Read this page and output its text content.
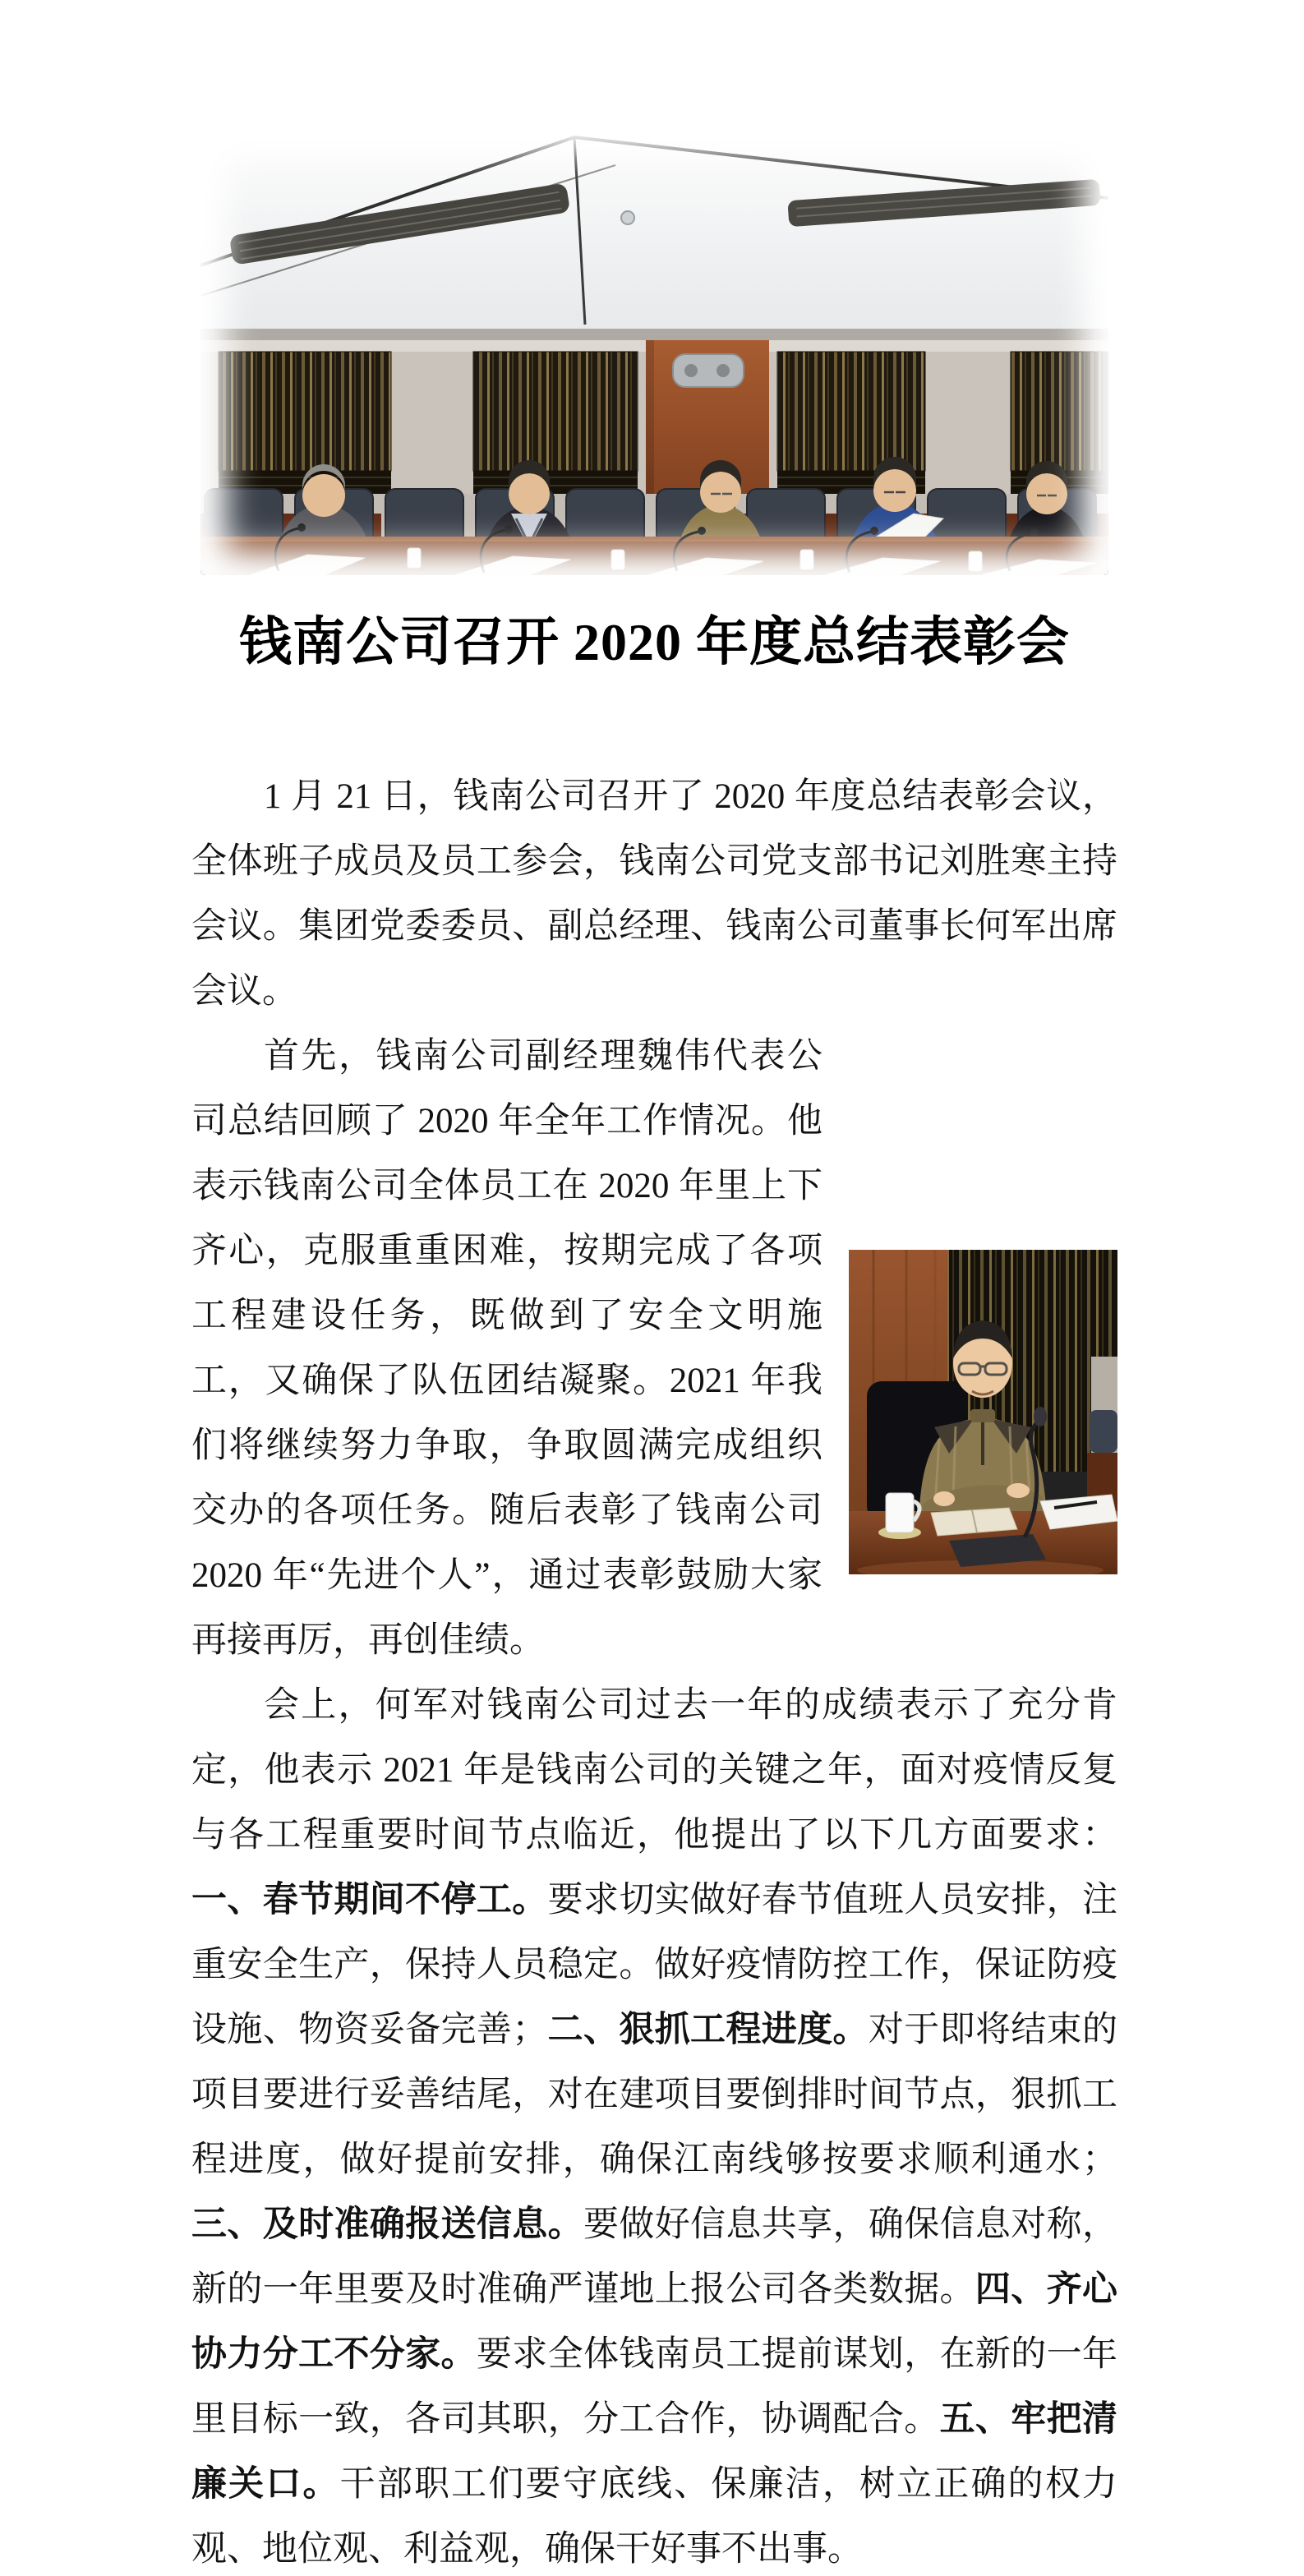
钱南公司召开 2020 年度总结表彰会

1 月 21 日，钱南公司召开了 2020 年度总结表彰会议，全体班子成员及员工参会，钱南公司党支部书记刘胜寒主持会议。集团党委委员、副总经理、钱南公司董事长何军出席会议。

首先，钱南公司副经理魏伟代表公司总结回顾了 2020 年全年工作情况。他表示钱南公司全体员工在 2020 年里上下齐心，克服重重困难，按期完成了各项工程建设任务，既做到了安全文明施工，又确保了队伍团结凝聚。2021 年我们将继续努力争取，争取圆满完成组织交办的各项任务。随后表彰了钱南公司 2020 年“先进个人”，通过表彰鼓励大家再接再厉，再创佳绩。

会上，何军对钱南公司过去一年的成绩表示了充分肯定，他表示 2021 年是钱南公司的关键之年，面对疫情反复与各工程重要时间节点临近，他提出了以下几方面要求：一、春节期间不停工。要求切实做好春节值班人员安排，注重安全生产，保持人员稳定。做好疫情防控工作，保证防疫设施、物资妥备完善；二、狠抓工程进度。对于即将结束的项目要进行妥善结尾，对在建项目要倒排时间节点，狠抓工程进度，做好提前安排，确保江南线够按要求顺利通水；三、及时准确报送信息。要做好信息共享，确保信息对称，新的一年里要及时准确严谨地上报公司各类数据。四、齐心协力分工不分家。要求全体钱南员工提前谋划，在新的一年里目标一致，各司其职，分工合作，协调配合。五、牢把清廉关口。干部职工们要守底线、保廉洁，树立正确的权力观、地位观、利益观，确保干好事不出事。
